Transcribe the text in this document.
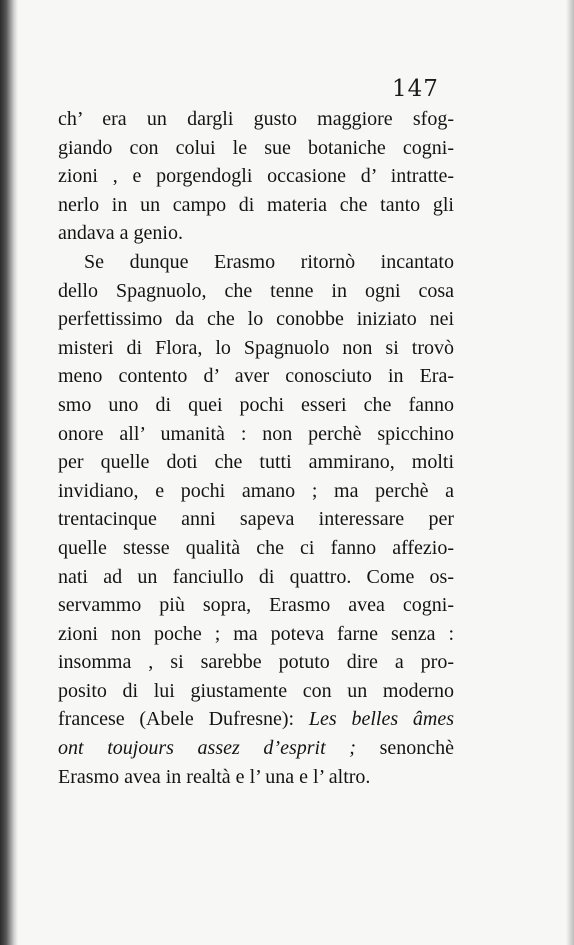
147
ch’ era un dargli gusto maggiore sfog-
giando con colui le sue botaniche cogni-
zioni , e porgendogli occasione d’ intratte-
nerlo in un campo di materia che tanto gli
andava a genio.
Se dunque Erasmo ritornò incantato
dello Spagnuolo, che tenne in ogni cosa
perfettissimo da che lo conobbe iniziato nei
misteri di Flora, lo Spagnuolo non si trovò
meno contento d’ aver conosciuto in Era-
smo uno di quei pochi esseri che fanno
onore all’ umanità : non perchè spicchino
per quelle doti che tutti ammirano, molti
invidiano, e pochi amano ; ma perchè a
trentacinque anni sapeva interessare per
quelle stesse qualità che ci fanno affezio-
nati ad un fanciullo di quattro. Come os-
servammo più sopra, Erasmo avea cogni-
zioni non poche ; ma poteva farne senza :
insomma , si sarebbe potuto dire a pro-
posito di lui giustamente con un moderno
francese (Abele Dufresne): Les belles âmes
ont toujours assez d’esprit ; senonchè
Erasmo avea in realtà e l’ una e l’ altro.
